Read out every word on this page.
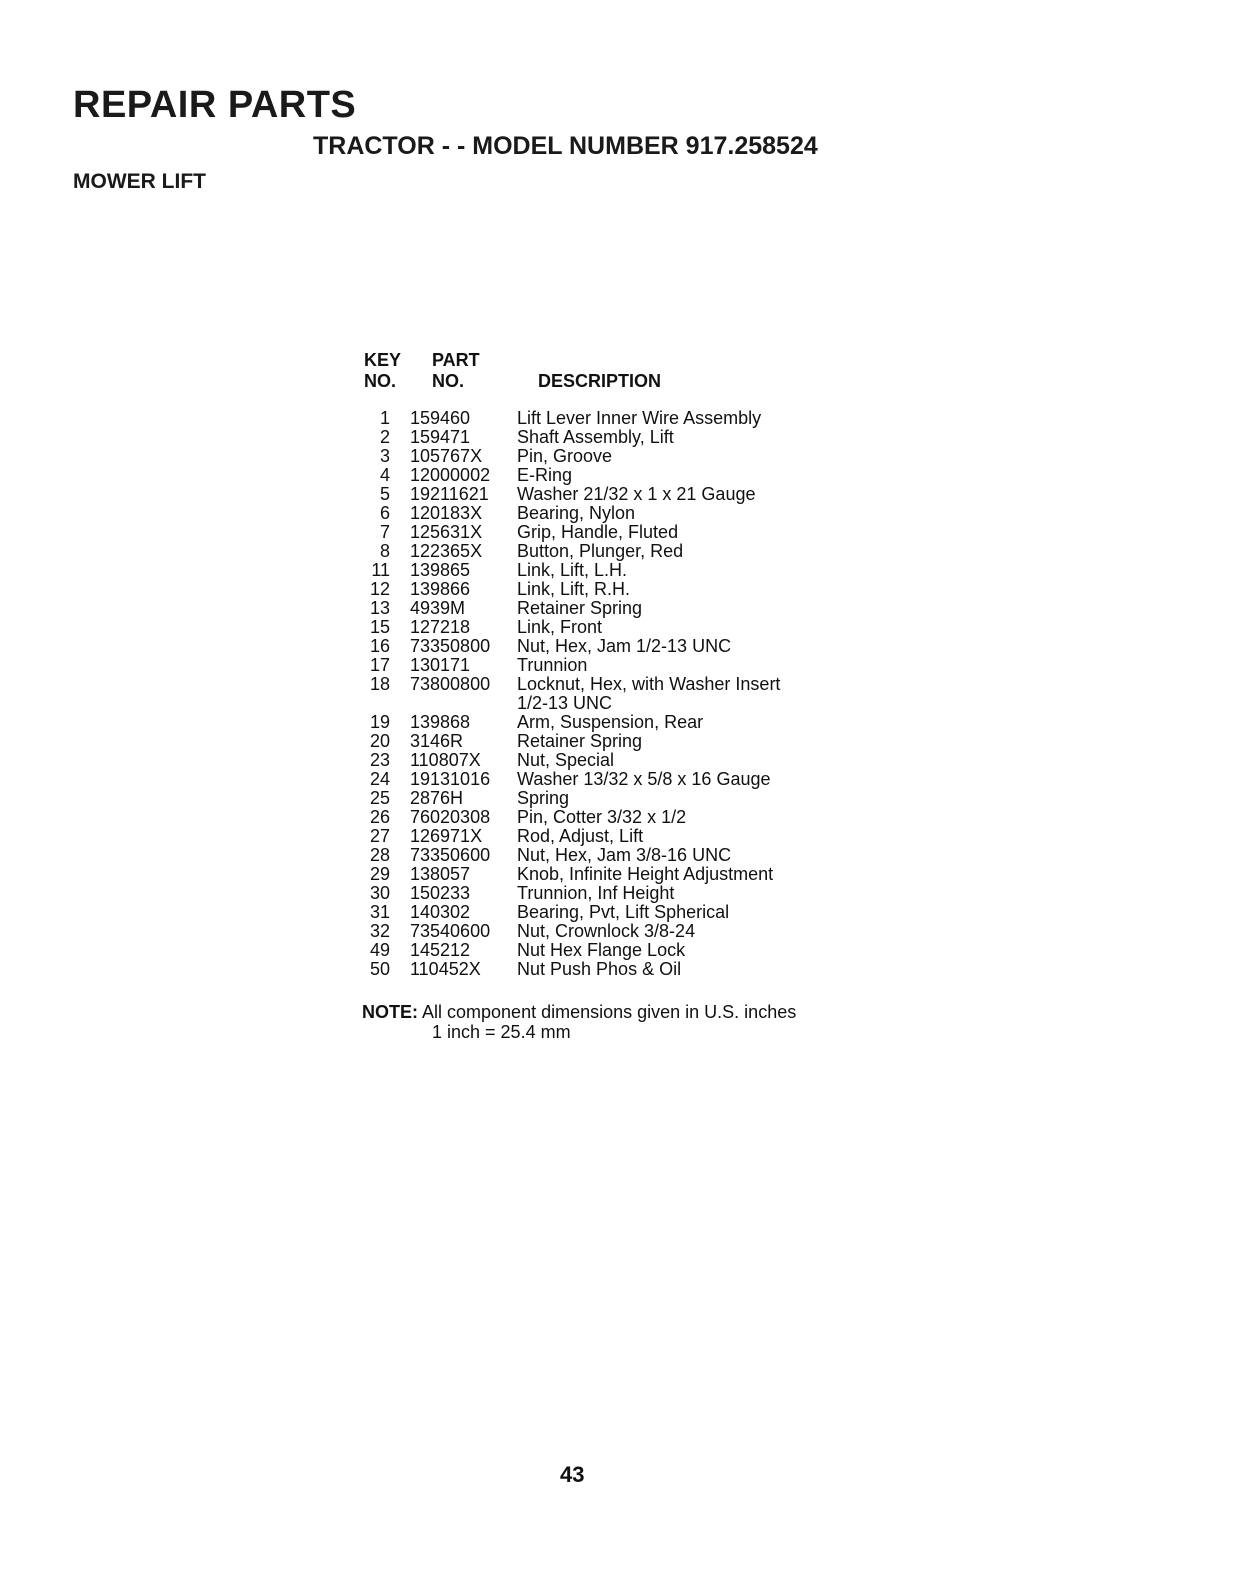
REPAIR PARTS
TRACTOR - - MODEL NUMBER 917.258524
MOWER LIFT
KEY
NO.
PART
NO.	DESCRIPTION
1	159460	Lift Lever Inner Wire Assembly
2	159471	Shaft Assembly, Lift
3	105767X	Pin, Groove
4	12000002	E-Ring
5	19211621	Washer 21/32 x 1 x 21 Gauge
6	120183X	Bearing, Nylon
7	125631X	Grip, Handle, Fluted
8	122365X	Button, Plunger, Red
11	139865	Link, Lift, L.H.
12	139866	Link, Lift, R.H.
13	4939M	Retainer Spring
15	127218	Link, Front
16	73350800	Nut, Hex, Jam 1/2-13 UNC
17	130171	Trunnion
18	73800800	Locknut, Hex, with Washer Insert
1/2-13 UNC
19	139868	Arm, Suspension, Rear
20	3146R	Retainer Spring
23	110807X	Nut, Special
24	19131016	Washer 13/32 x 5/8 x 16 Gauge
25	2876H	Spring
26	76020308	Pin, Cotter 3/32 x 1/2
27	126971X	Rod, Adjust, Lift
28	73350600	Nut, Hex, Jam 3/8-16 UNC
29	138057	Knob, Infinite Height Adjustment
30	150233	Trunnion, Inf Height
31	140302	Bearing, Pvt, Lift Spherical
32	73540600	Nut, Crownlock 3/8-24
49	145212	Nut Hex Flange Lock
50	110452X	Nut Push Phos & Oil
NOTE: All component dimensions given in U.S. inches
1 inch = 25.4 mm
43
